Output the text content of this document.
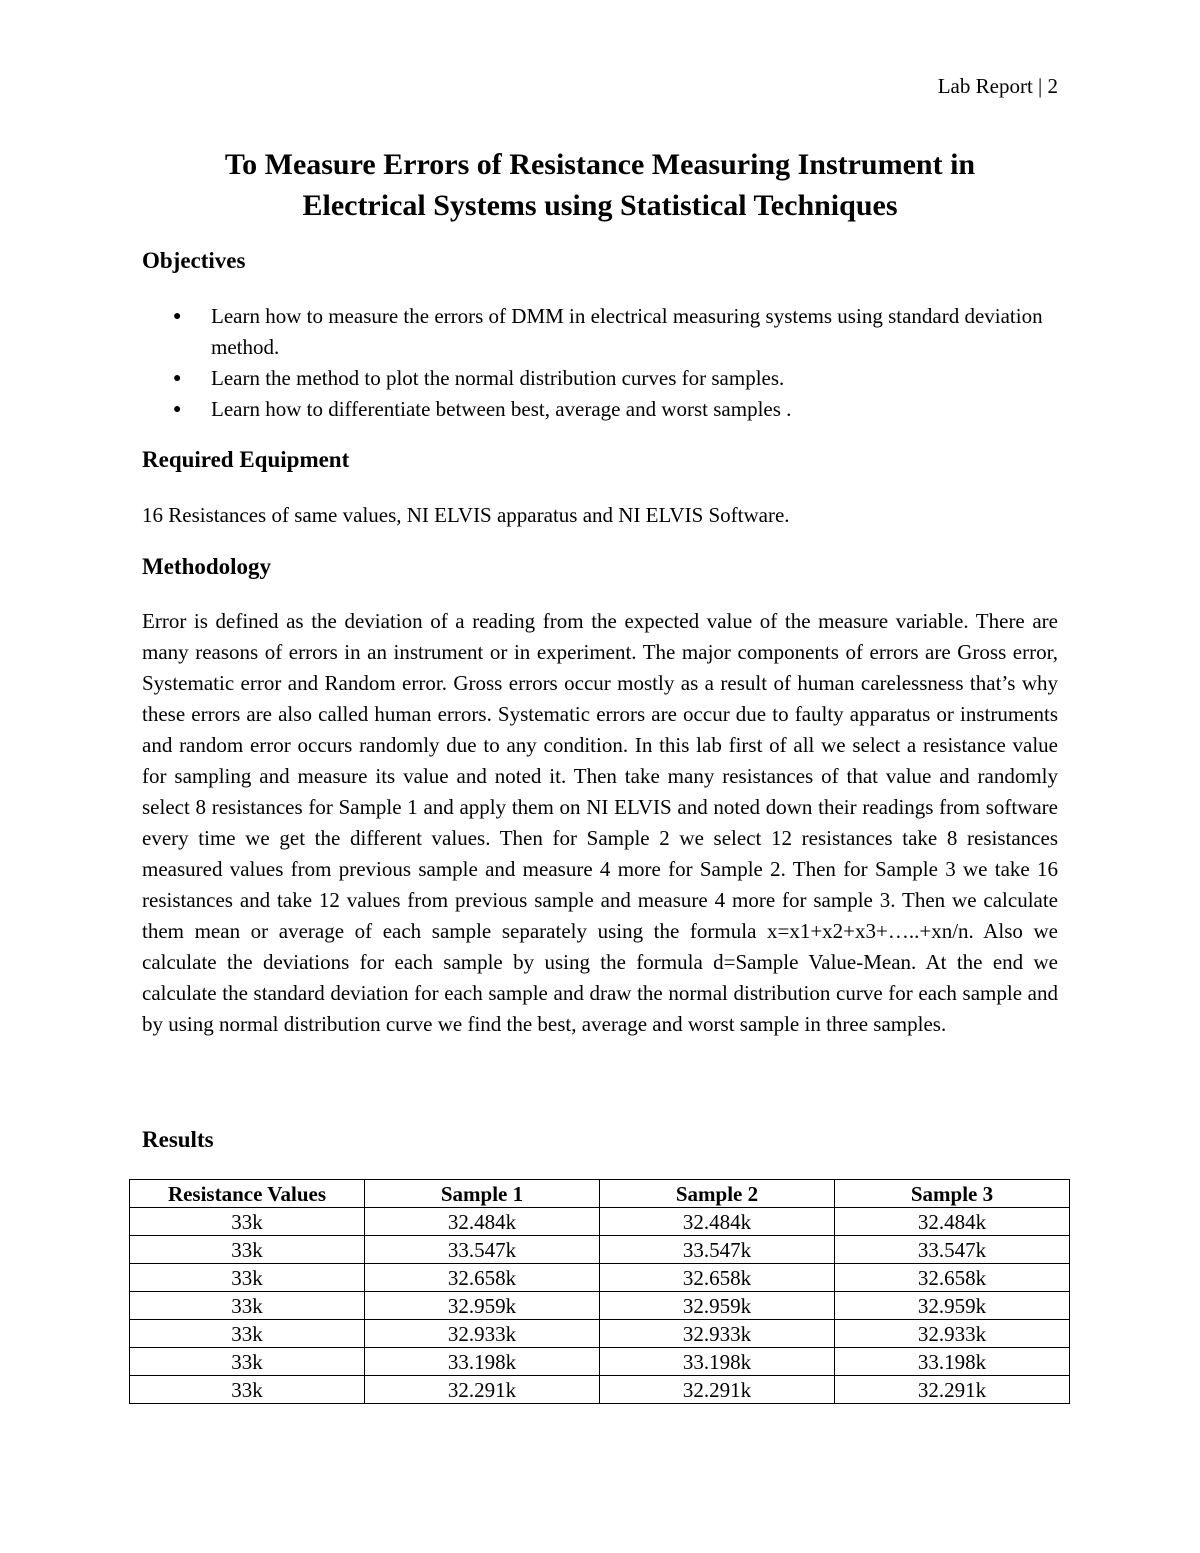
Lab Report | 2
To Measure Errors of Resistance Measuring Instrument in
Electrical Systems using Statistical Techniques
Objectives
● Learn how to measure the errors of DMM in electrical measuring systems using standard deviation method.
● Learn the method to plot the normal distribution curves for samples.
● Learn how to differentiate between best, average and worst samples .
Required Equipment
16 Resistances of same values, NI ELVIS apparatus and NI ELVIS Software.
Methodology
Error is defined as the deviation of a reading from the expected value of the measure variable. There are many reasons of errors in an instrument or in experiment. The major components of errors are Gross error, Systematic error and Random error. Gross errors occur mostly as a result of human carelessness that’s why these errors are also called human errors. Systematic errors are occur due to faulty apparatus or instruments and random error occurs randomly due to any condition. In this lab first of all we select a resistance value for sampling and measure its value and noted it. Then take many resistances of that value and randomly select 8 resistances for Sample 1 and apply them on NI ELVIS and noted down their readings from software every time we get the different values. Then for Sample 2 we select 12 resistances take 8 resistances measured values from previous sample and measure 4 more for Sample 2. Then for Sample 3 we take 16 resistances and take 12 values from previous sample and measure 4 more for sample 3. Then we calculate them mean or average of each sample separately using the formula x=x1+x2+x3+…..+xn/n. Also we calculate the deviations for each sample by using the formula d=Sample Value-Mean. At the end we calculate the standard deviation for each sample and draw the normal distribution curve for each sample and by using normal distribution curve we find the best, average and worst sample in three samples.
Results
Resistance Values	Sample 1	Sample 2	Sample 3
33k	32.484k	32.484k	32.484k
33k	33.547k	33.547k	33.547k
33k	32.658k	32.658k	32.658k
33k	32.959k	32.959k	32.959k
33k	32.933k	32.933k	32.933k
33k	33.198k	33.198k	33.198k
33k	32.291k	32.291k	32.291k
